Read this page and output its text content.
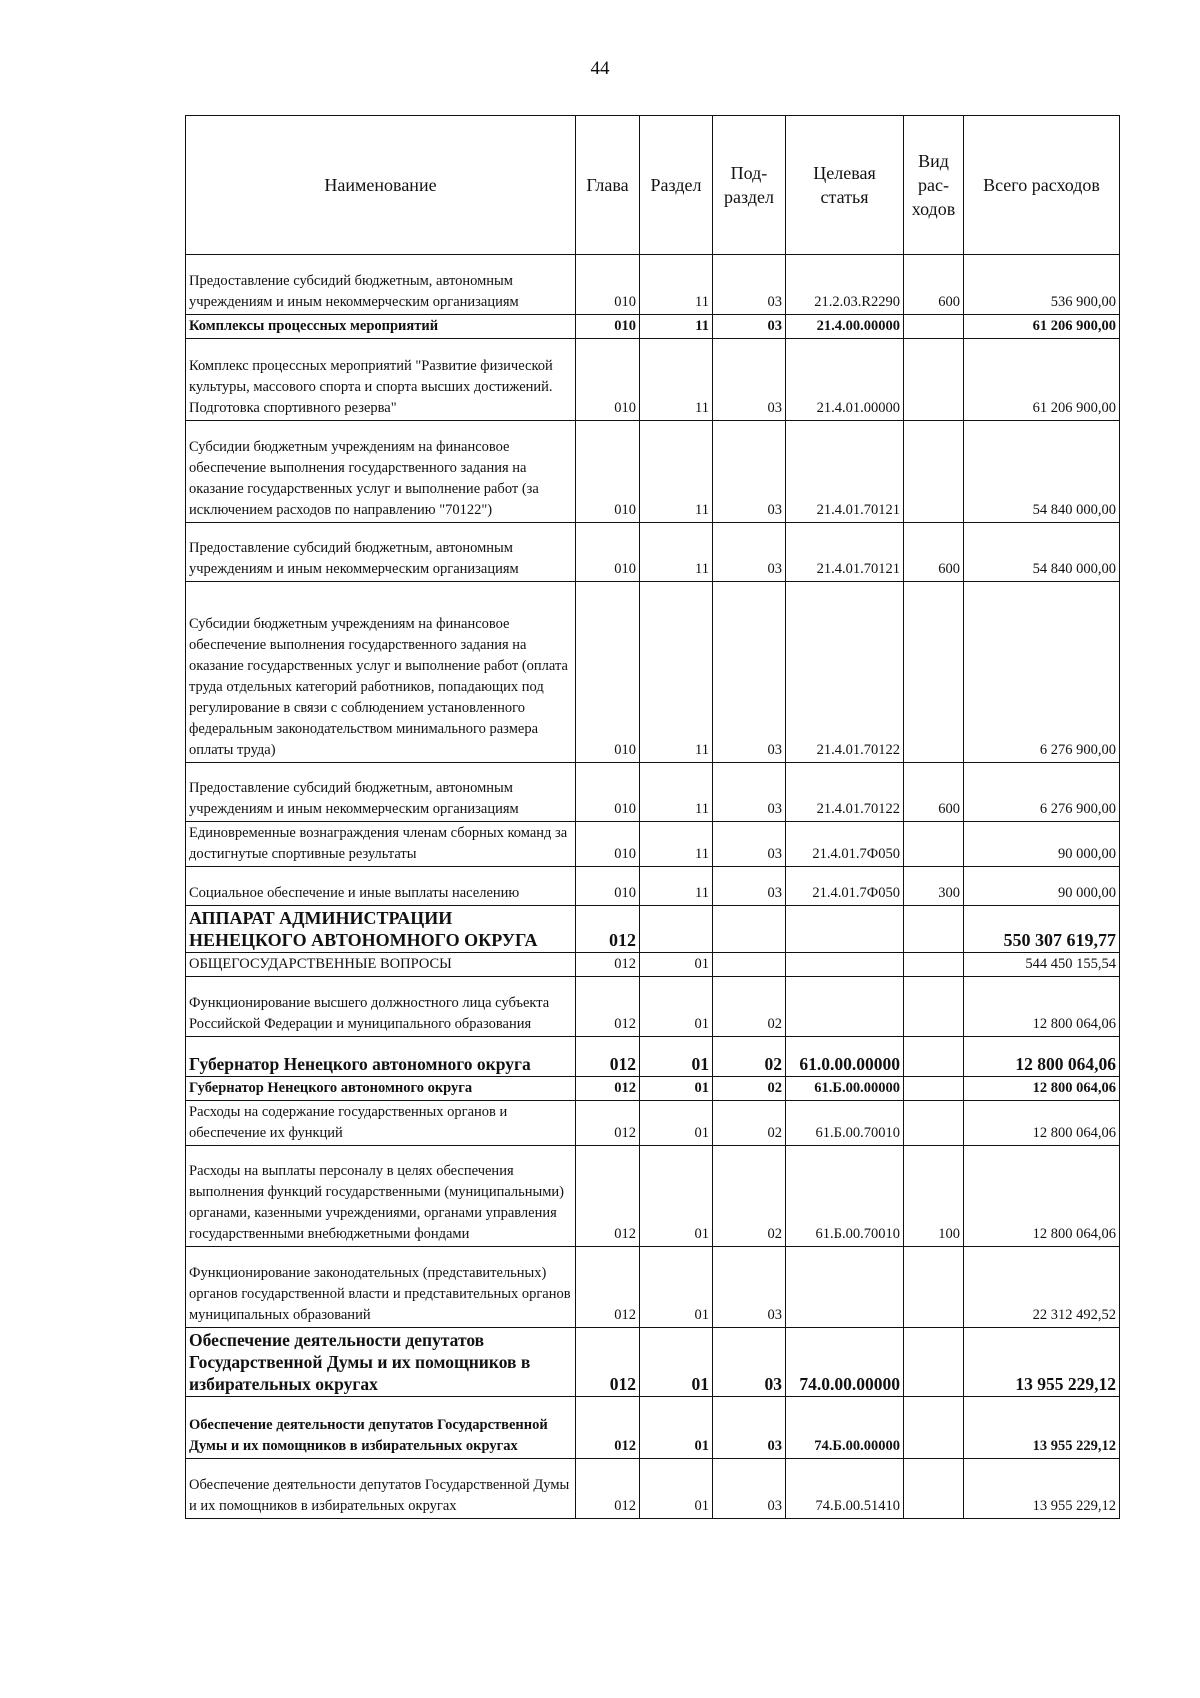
44
Наименование	Глава	Раздел	Под-раздел	Целевая статья	Вид рас-ходов	Всего расходов
Предоставление субсидий бюджетным, автономным учреждениям и иным некоммерческим организациям	010	11	03	21.2.03.R2290	600	536 900,00
Комплексы процессных мероприятий	010	11	03	21.4.00.00000		61 206 900,00
Комплекс процессных мероприятий "Развитие физической культуры, массового спорта и спорта высших достижений. Подготовка спортивного резерва"	010	11	03	21.4.01.00000		61 206 900,00
Субсидии бюджетным учреждениям на финансовое обеспечение выполнения государственного задания на оказание государственных услуг и выполнение работ (за исключением расходов по направлению "70122")	010	11	03	21.4.01.70121		54 840 000,00
Предоставление субсидий бюджетным, автономным учреждениям и иным некоммерческим организациям	010	11	03	21.4.01.70121	600	54 840 000,00
Субсидии бюджетным учреждениям на финансовое обеспечение выполнения государственного задания на оказание государственных услуг и выполнение работ (оплата труда отдельных категорий работников, попадающих под регулирование в связи с соблюдением установленного федеральным законодательством минимального размера оплаты труда)	010	11	03	21.4.01.70122		6 276 900,00
Предоставление субсидий бюджетным, автономным учреждениям и иным некоммерческим организациям	010	11	03	21.4.01.70122	600	6 276 900,00
Единовременные вознаграждения членам сборных команд за достигнутые спортивные результаты	010	11	03	21.4.01.7Ф050		90 000,00
Социальное обеспечение и иные выплаты населению	010	11	03	21.4.01.7Ф050	300	90 000,00
АППАРАТ АДМИНИСТРАЦИИ НЕНЕЦКОГО АВТОНОМНОГО ОКРУГА	012					550 307 619,77
ОБЩЕГОСУДАРСТВЕННЫЕ ВОПРОСЫ	012	01				544 450 155,54
Функционирование высшего должностного лица субъекта Российской Федерации и муниципального образования	012	01	02			12 800 064,06
Губернатор Ненецкого автономного округа	012	01	02	61.0.00.00000		12 800 064,06
Губернатор Ненецкого автономного округа	012	01	02	61.Б.00.00000		12 800 064,06
Расходы на содержание государственных органов и обеспечение их функций	012	01	02	61.Б.00.70010		12 800 064,06
Расходы на выплаты персоналу в целях обеспечения выполнения функций государственными (муниципальными) органами, казенными учреждениями, органами управления государственными внебюджетными фондами	012	01	02	61.Б.00.70010	100	12 800 064,06
Функционирование законодательных (представительных) органов государственной власти и представительных органов муниципальных образований	012	01	03			22 312 492,52
Обеспечение деятельности депутатов Государственной Думы и их помощников в избирательных округах	012	01	03	74.0.00.00000		13 955 229,12
Обеспечение деятельности депутатов Государственной Думы и их помощников в избирательных округах	012	01	03	74.Б.00.00000		13 955 229,12
Обеспечение деятельности депутатов Государственной Думы и их помощников в избирательных округах	012	01	03	74.Б.00.51410		13 955 229,12
